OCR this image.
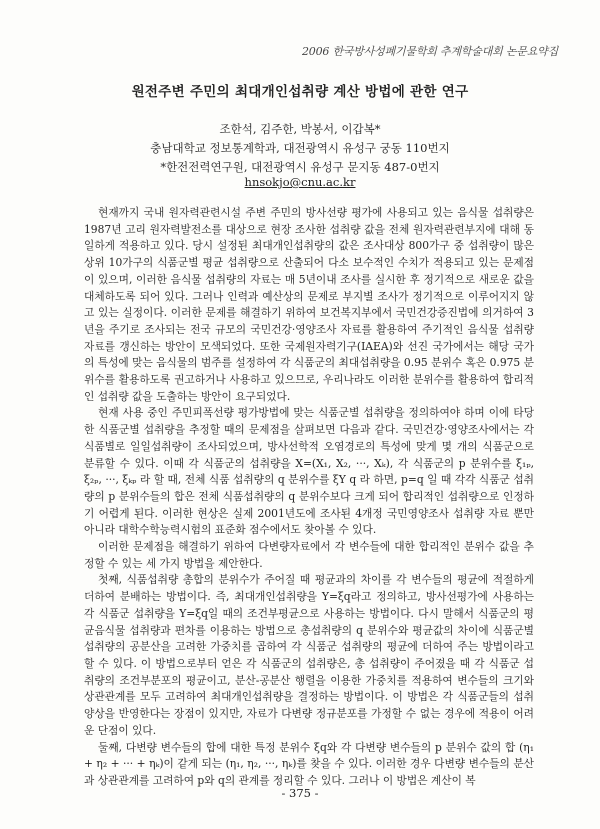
2006 한국방사성폐기물학회 추계학술대회 논문요약집
원전주변 주민의 최대개인섭취량 계산 방법에 관한 연구
조한석, 김주한, 박봉서, 이갑복*
충남대학교 정보통계학과, 대전광역시 유성구 궁동 110번지
*한전전력연구원, 대전광역시 유성구 문지동 487-0번지
hnsokjo@cnu.ac.kr

현재까지 국내 원자력관련시설 주변 주민의 방사선량 평가에 사용되고 있는 음식물 섭취량은 1987년 고리 원자력발전소를 대상으로 현장 조사한 섭취량 값을 전체 원자력관련부지에 대해 동일하게 적용하고 있다. 당시 설정된 최대개인섭취량의 값은 조사대상 800가구 중 섭취량이 많은 상위 10가구의 식품군별 평균 섭취량으로 산출되어 다소 보수적인 수치가 적용되고 있는 문제점이 있으며, 이러한 음식물 섭취량의 자료는 매 5년이내 조사를 실시한 후 정기적으로 새로운 값을 대체하도록 되어 있다. 그러나 인력과 예산상의 문제로 부지별 조사가 정기적으로 이루어지지 않고 있는 실정이다. 이러한 문제를 해결하기 위하여 보건복지부에서 국민건강증진법에 의거하여 3년을 주기로 조사되는 전국 규모의 국민건강·영양조사 자료를 활용하여 주기적인 음식물 섭취량 자료를 갱신하는 방안이 모색되었다. 또한 국제원자력기구(IAEA)와 선진 국가에서는 해당 국가의 특성에 맞는 음식물의 범주를 설정하여 각 식품군의 최대섭취량을 0.95 분위수 혹은 0.975 분위수를 활용하도록 권고하거나 사용하고 있으므로, 우리나라도 이러한 분위수를 활용하여 합리적인 섭취량 값을 도출하는 방안이 요구되었다.

현재 사용 중인 주민피폭선량 평가방법에 맞는 식품군별 섭취량을 정의하여야 하며 이에 타당한 식품군별 섭취량을 추정할 때의 문제점을 살펴보면 다음과 같다. 국민건강·영양조사에서는 각 식품별로 일일섭취량이 조사되었으며, 방사선학적 오염경로의 특성에 맞게 몇 개의 식품군으로 분류할 수 있다. 이때 각 식품군의 섭취량을 X=(X₁, X₂, ···, Xₖ), 각 식품군의 p 분위수를 ξ₁ₚ, ξ₂ₚ, ···, ξₖₚ 라 할 때, 전체 식품 섭취량의 q 분위수를 ξY q 라 하면, p=q 일 때 각각 식품군 섭취량의 p 분위수들의 합은 전체 식품섭취량의 q 분위수보다 크게 되어 합리적인 섭취량으로 인정하기 어렵게 된다. 이러한 현상은 실제 2001년도에 조사된 4개정 국민영양조사 섭취량 자료 뿐만 아니라 대학수학능력시험의 표준화 점수에서도 찾아볼 수 있다.

이러한 문제점을 해결하기 위하여 다변량자료에서 각 변수들에 대한 합리적인 분위수 값을 추정할 수 있는 세 가지 방법을 제안한다.

첫째, 식품섭취량 총합의 분위수가 주어질 때 평균과의 차이를 각 변수들의 평균에 적절하게 더하여 분배하는 방법이다. 즉, 최대개인섭취량을 Y=ξq라고 정의하고, 방사선평가에 사용하는 각 식품군 섭취량을 Y=ξq일 때의 조건부평균으로 사용하는 방법이다. 다시 말해서 식품군의 평균음식물 섭취량과 편차를 이용하는 방법으로 총섭취량의 q 분위수와 평균값의 차이에 식품군별 섭취량의 공분산을 고려한 가중치를 곱하여 각 식품군 섭취량의 평균에 더하여 주는 방법이라고 할 수 있다. 이 방법으로부터 얻은 각 식품군의 섭취량은, 총 섭취량이 주어졌을 때 각 식품군 섭취량의 조건부분포의 평균이고, 분산-공분산 행렬을 이용한 가중치를 적용하여 변수들의 크기와 상관관계를 모두 고려하여 최대개인섭취량을 결정하는 방법이다. 이 방법은 각 식품군들의 섭취 양상을 반영한다는 장점이 있지만, 자료가 다변량 정규분포를 가정할 수 없는 경우에 적용이 어려운 단점이 있다.

둘째, 다변량 변수들의 합에 대한 특정 분위수 ξq와 각 다변량 변수들의 p 분위수 값의 합 (η₁ + η₂ + ··· + ηₖ)이 같게 되는 (η₁, η₂, ···, ηₖ)를 찾을 수 있다. 이러한 경우 다변량 변수들의 분산과 상관관계를 고려하여 p와 q의 관계를 정리할 수 있다. 그러나 이 방법은 계산이 복

- 375 -
